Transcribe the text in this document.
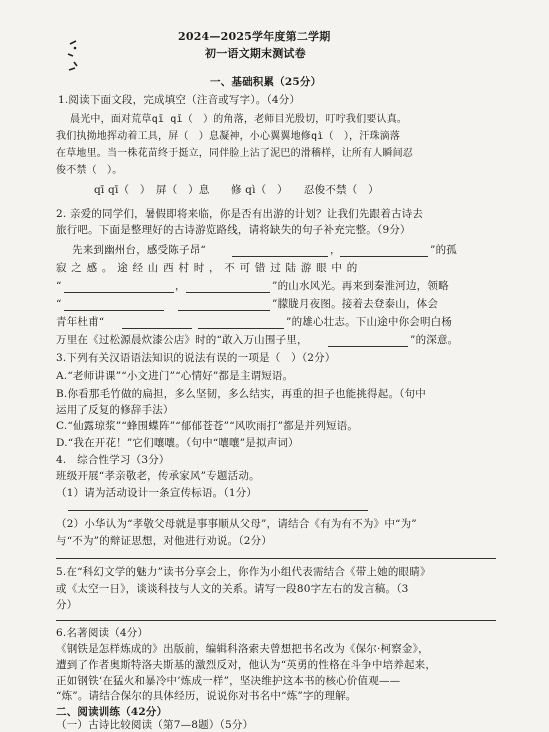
2024—2025学年度第二学期
初一语文期末测试卷
一、基础积累（25分）
1.阅读下面文段，完成填空（注音或写字）。（4分）
晨光中，面对荒草qī qī（　）的角落，老师目光殷切，叮咛我们要认真。
我们执拗地挥动着工具，屏（　）息凝神，小心翼翼地修qì（　），汗珠滴落
在草地里。当一株花苗终于挺立，同伴脸上沾了泥巴的滑稽样，让所有人瞬间忍
俊不禁（　）。
qī qī（　）　屏（　）息　　修 qì（　）　　忍俊不禁（　）
2. 亲爱的同学们，暑假即将来临，你是否有出游的计划？让我们先跟着古诗去
旅行吧。下面是整理好的古诗游览路线，请将缺失的句子补充完整。（9分）
先来到幽州台，感受陈子昂“	，	”的孤
寂之感。途经山西村时，不可错过陆游眼中的
“	，	”的山水风光。再来到秦淮河边，领略
“	”朦胧月夜图。接着去登泰山，体会
青年杜甫“	”的雄心壮志。下山途中你会明白杨
万里在《过松源晨炊漆公店》时的“敢入万山围子里，	”的深意。
3.下列有关汉语语法知识的说法有误的一项是（　）（2分）
A.“老师讲课”“小文进门”“心情好”都是主谓短语。
B.你看那毛竹做的扁担，多么坚韧，多么结实，再重的担子也能挑得起。（句中
运用了反复的修辞手法）
C.“仙露琼浆”“蜂围蝶阵”“郁郁苍苍”“风吹雨打”都是并列短语。
D.“我在开花！”它们嚷嚷。（句中“嚷嚷”是拟声词）
4.　综合性学习（3分）
班级开展“孝亲敬老，传承家风”专题活动。
（1）请为活动设计一条宣传标语。（1分）
（2）小华认为“孝敬父母就是事事顺从父母”，请结合《有为有不为》中“为”
与“不为”的辩证思想，对他进行劝说。（2分）
5.在“科幻文学的魅力”读书分享会上，你作为小组代表需结合《带上她的眼睛》
或《太空一日》，谈谈科技与人文的关系。请写一段80字左右的发言稿。（3
分）
6.名著阅读（4分）
《钢铁是怎样炼成的》出版前，编辑科洛索夫曾想把书名改为《保尔·柯察金》，
遭到了作者奥斯特洛夫斯基的激烈反对，他认为“英勇的性格在斗争中培养起来，
正如钢铁‘在猛火和暴冷中’炼成一样”，坚决维护这本书的核心价值观——
“炼”。请结合保尔的具体经历，说说你对书名中“炼”字的理解。
二、阅读训练（42分）
（一）古诗比较阅读（第7—8题）（5分）
